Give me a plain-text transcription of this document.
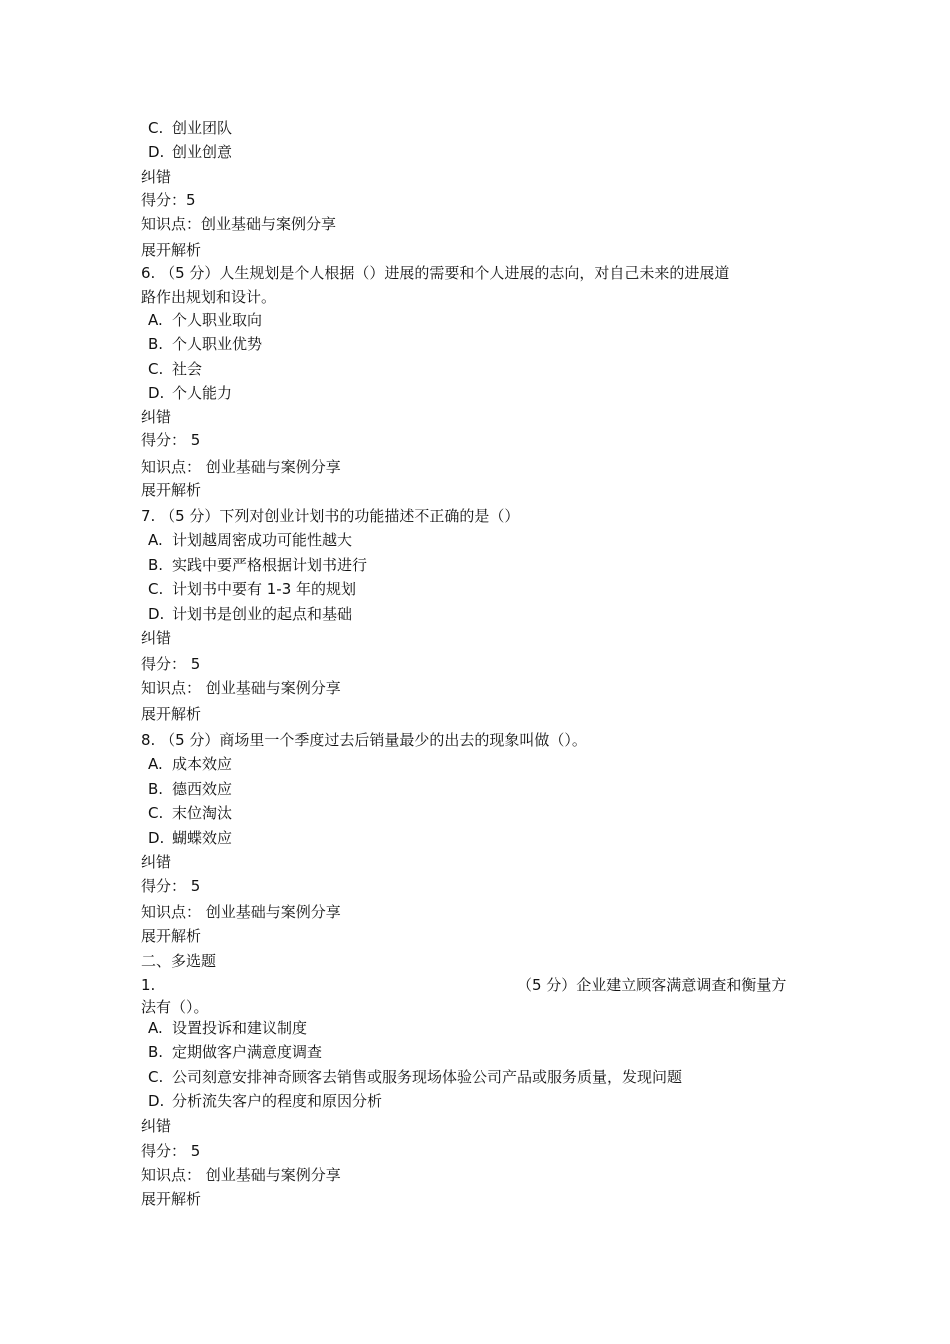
C. 创业团队
D. 创业创意
纠错
得分：5
知识点：创业基础与案例分享
展开解析
6. （5 分）人生规划是个人根据（）进展的需要和个人进展的志向，对自己未来的进展道
路作出规划和设计。
A. 个人职业取向
B. 个人职业优势
C. 社会
D. 个人能力
纠错
得分： 5
知识点： 创业基础与案例分享
展开解析
7. （5 分）下列对创业计划书的功能描述不正确的是（）
A. 计划越周密成功可能性越大
B. 实践中要严格根据计划书进行
C. 计划书中要有 1-3 年的规划
D. 计划书是创业的起点和基础
纠错
得分： 5
知识点： 创业基础与案例分享
展开解析
8. （5 分）商场里一个季度过去后销量最少的出去的现象叫做（）。
A. 成本效应
B. 德西效应
C. 末位淘汰
D. 蝴蝶效应
纠错
得分： 5
知识点： 创业基础与案例分享
展开解析
二、多选题
1.	（5 分）企业建立顾客满意调查和衡量方
法有（）。
A. 设置投诉和建议制度
B. 定期做客户满意度调查
C. 公司刻意安排神奇顾客去销售或服务现场体验公司产品或服务质量，发现问题
D. 分析流失客户的程度和原因分析
纠错
得分： 5
知识点： 创业基础与案例分享
展开解析
